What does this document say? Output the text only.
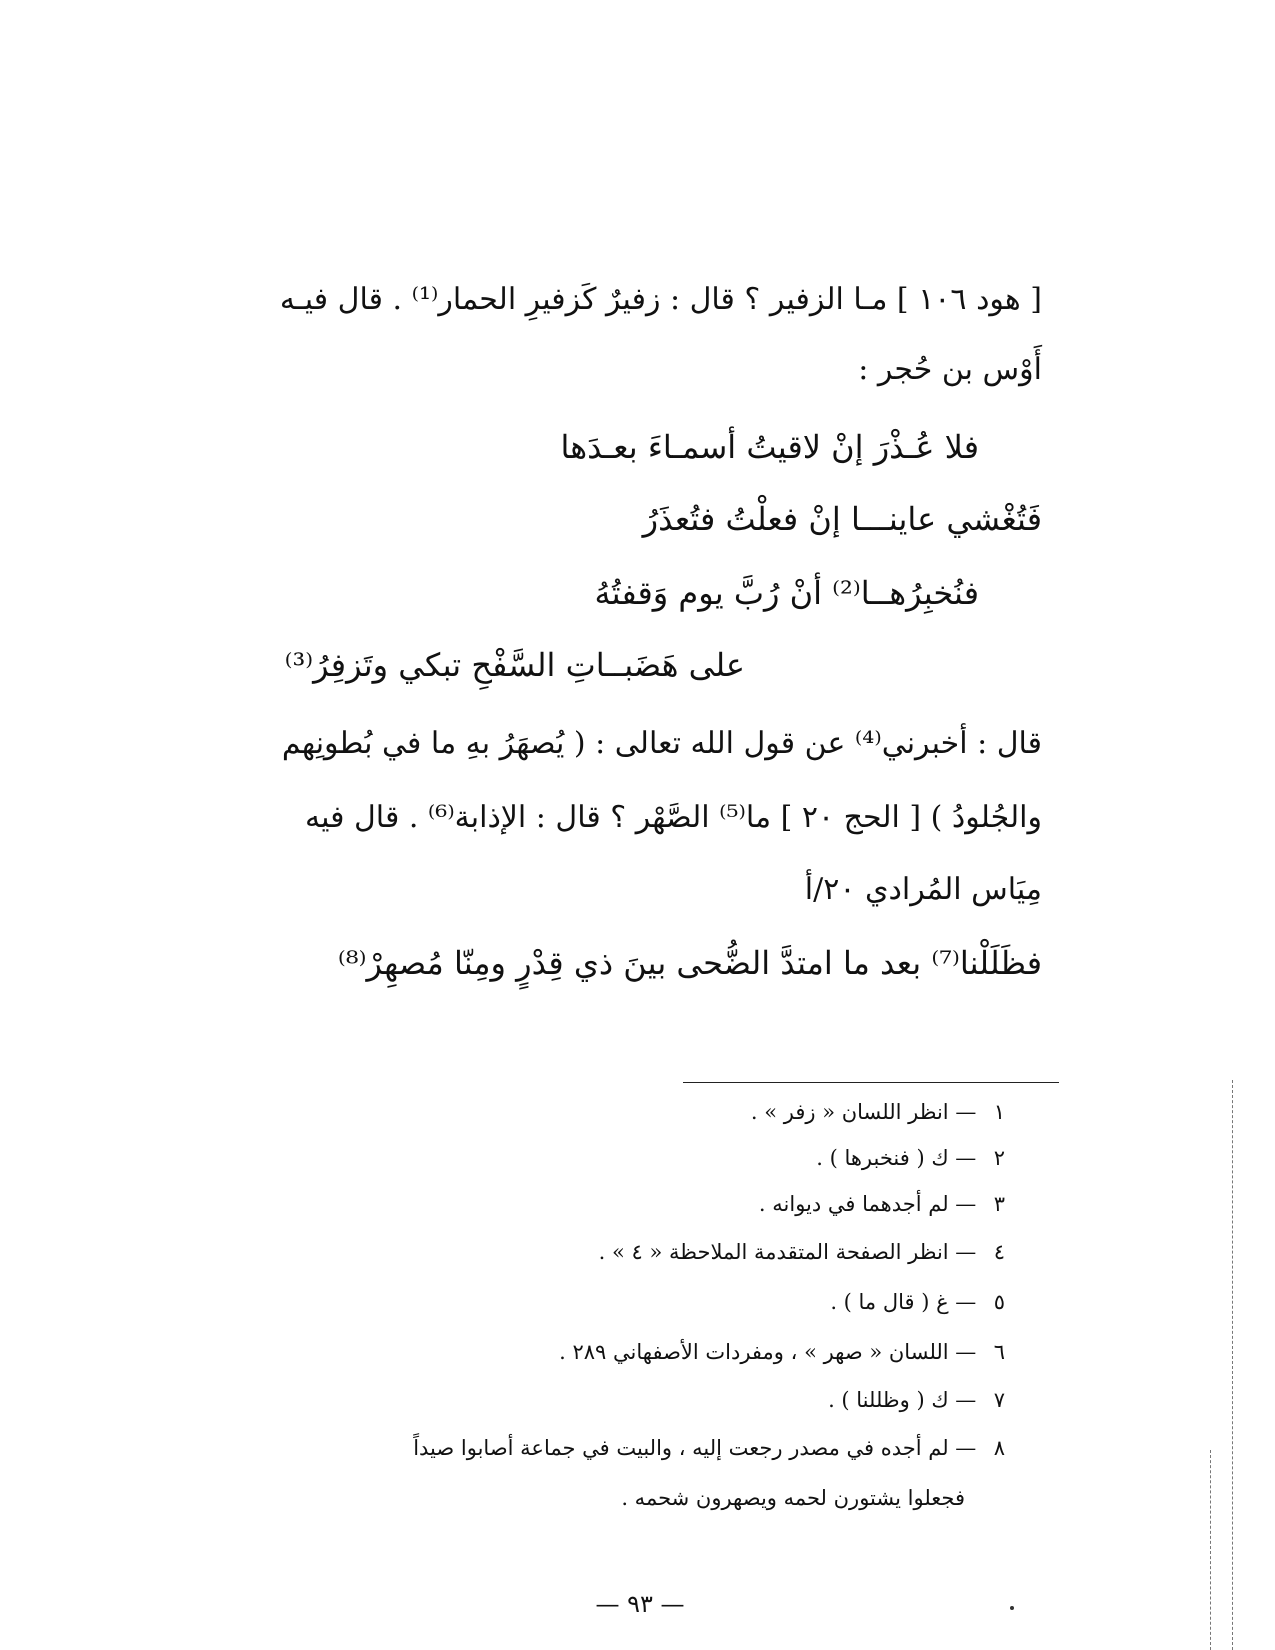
[ هود ١٠٦ ] مـا الزفير ؟ قال : زفيرٌ كَزفيرِ الحمار⁽¹⁾ . قال فيـه
أَوْس بن حُجر :
فلا عُـذْرَ إنْ لاقيتُ أسمـاءَ بعـدَها
فَتُغْشي عاينـــا إنْ فعلْتُ فتُعذَرُ
فنُخبِرُهــا⁽²⁾ أنْ رُبَّ يوم وَقفتُهُ
على هَضَبــاتِ السَّفْحِ تبكي وتَزفِرُ⁽³⁾
قال : أخبرني⁽⁴⁾ عن قول الله تعالى : ( يُصهَرُ بهِ ما في بُطونِهم
والجُلودُ ) [ الحج ٢٠ ] ما⁽⁵⁾ الصَّهْر ؟ قال : الإذابة⁽⁶⁾ . قال فيه
مِيَاس المُرادي ٢٠/أ
فظَلَلْنا⁽⁷⁾ بعد ما امتدَّ الضُّحى بينَ ذي قِدْرٍ ومِنّا مُصهِرْ⁽⁸⁾
١ — انظر اللسان « زفر » .
٢ — ك ( فنخبرها ) .
٣ — لم أجدهما في ديوانه .
٤ — انظر الصفحة المتقدمة الملاحظة « ٤ » .
٥ — غ ( قال ما ) .
٦ — اللسان « صهر » ، ومفردات الأصفهاني ٢٨٩ .
٧ — ك ( وظللنا ) .
٨ — لم أجده في مصدر رجعت إليه ، والبيت في جماعة أصابوا صيداً
فجعلوا يشتورن لحمه ويصهرون شحمه .
— ٩٣ —
